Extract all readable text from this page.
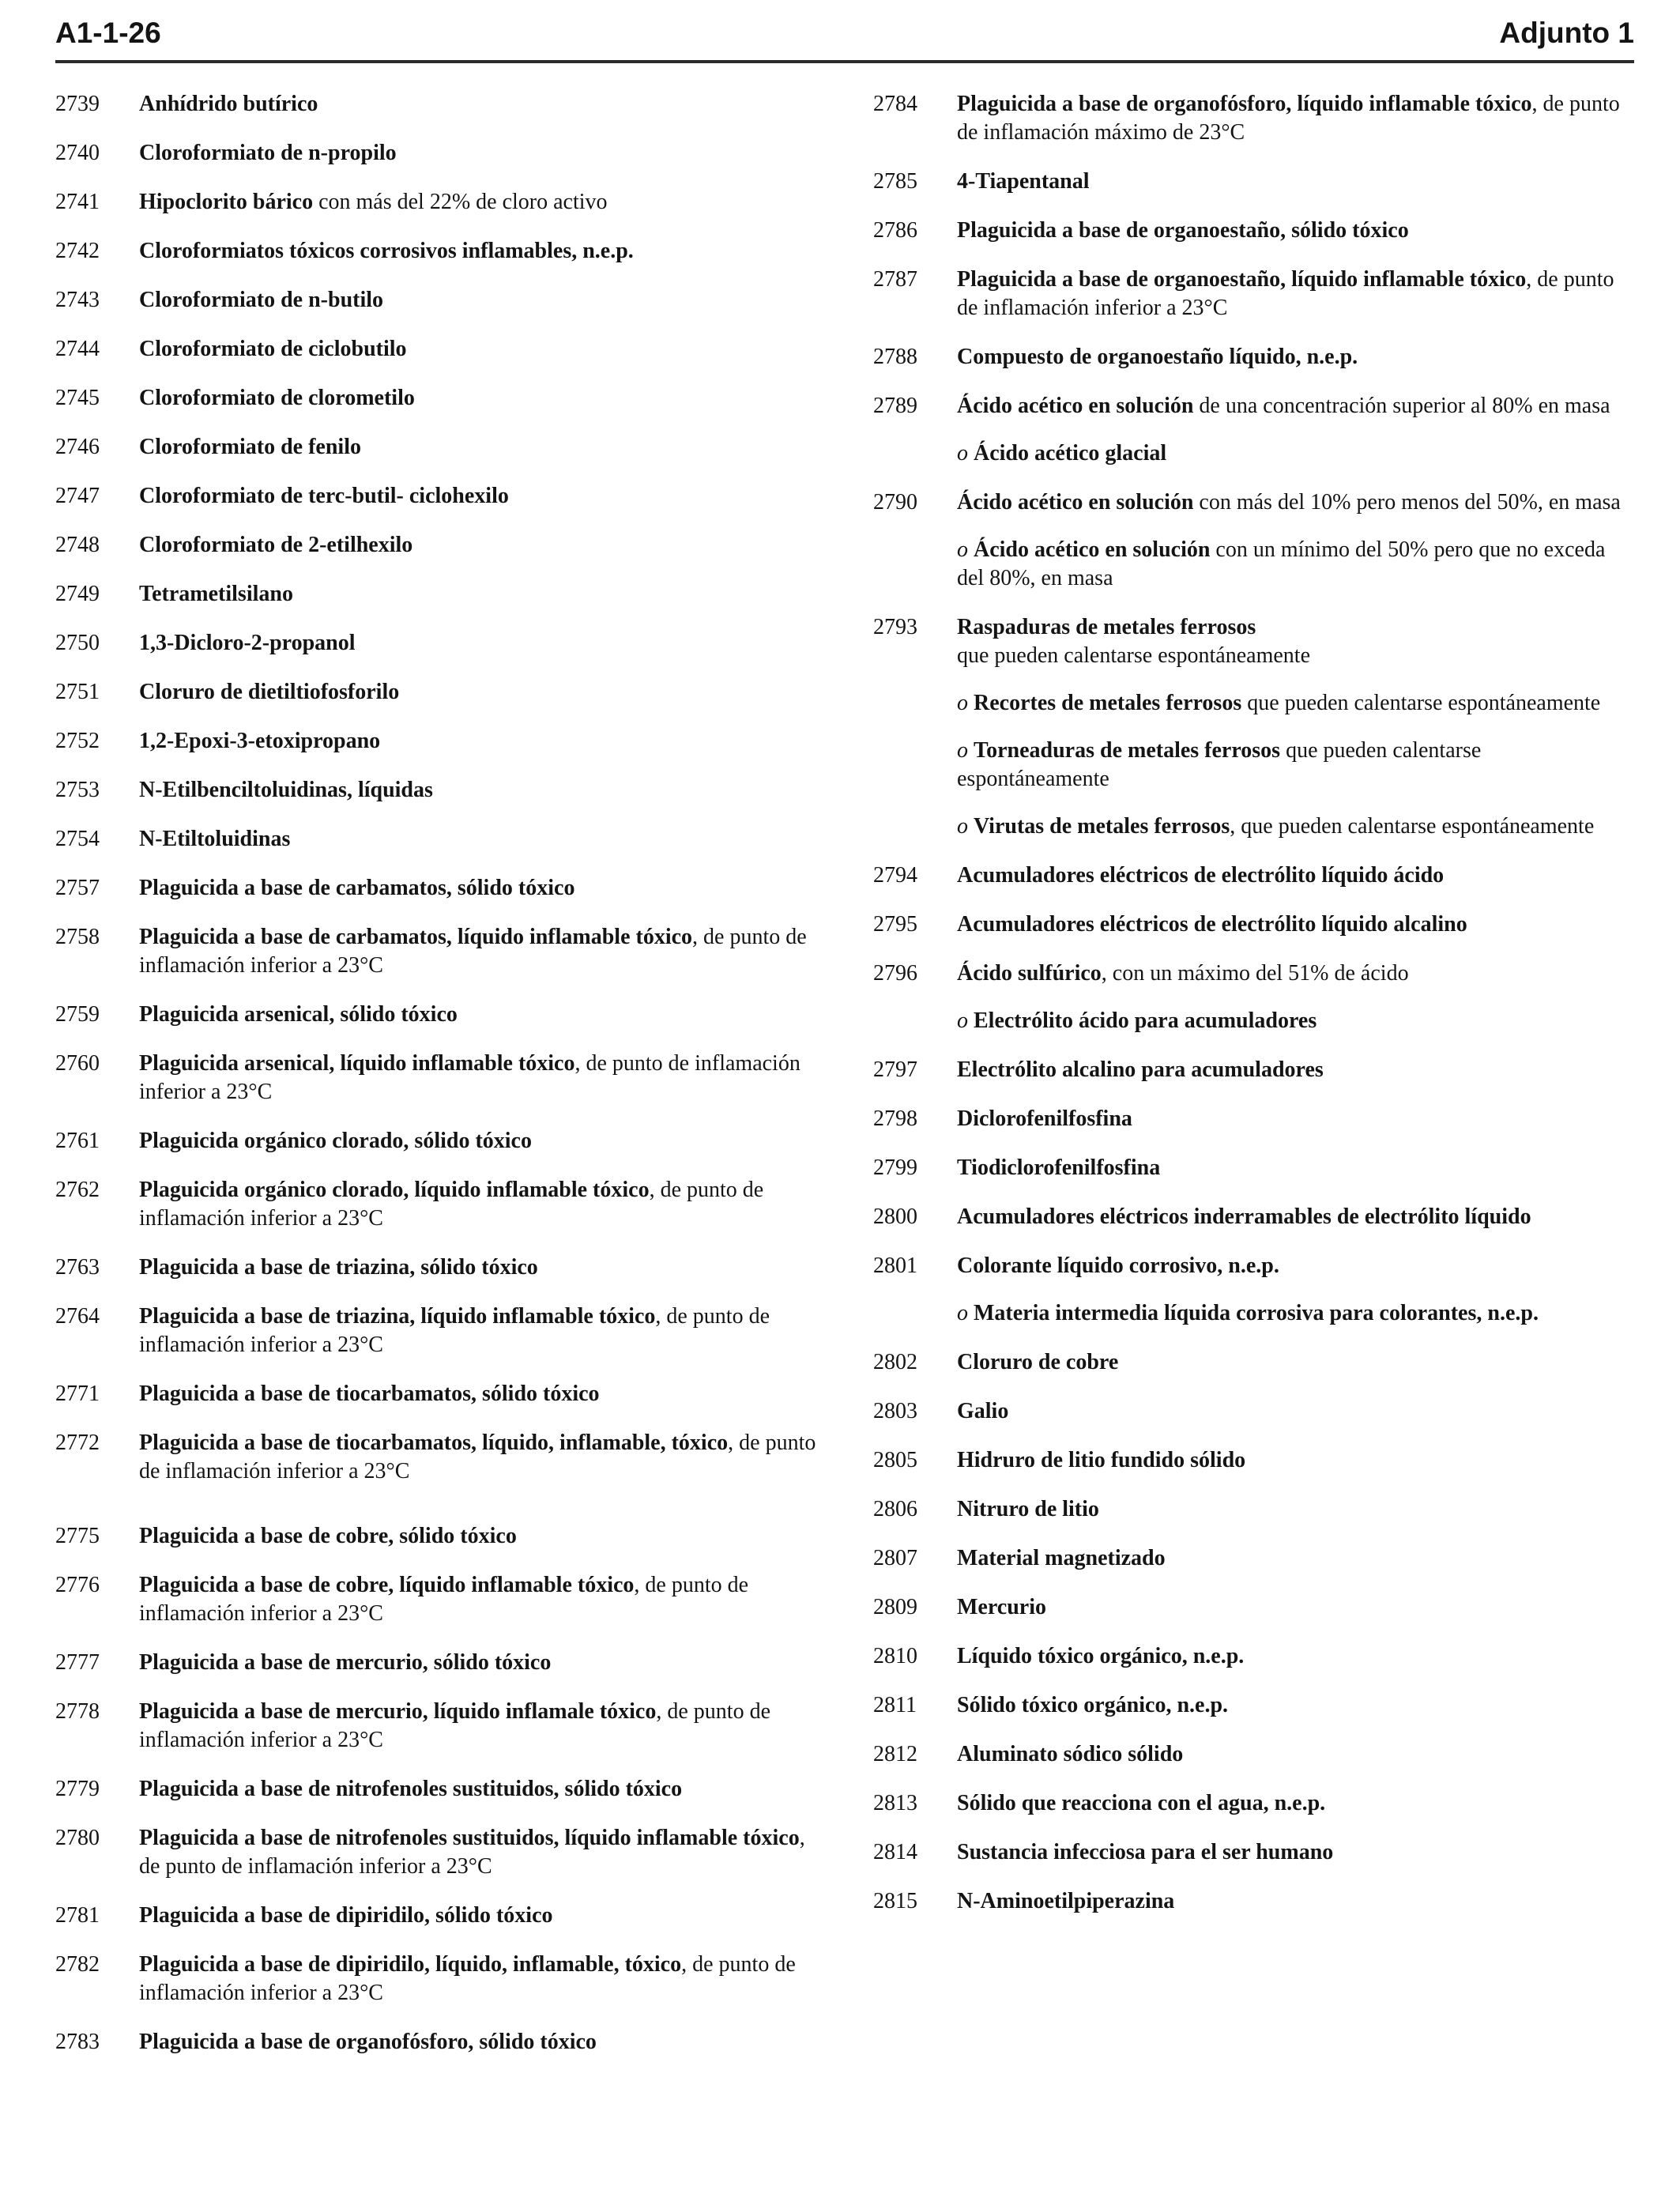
A1-1-26	Adjunto 1
2739	Anhídrido butírico

2740	Cloroformiato de n-propilo

2741	Hipoclorito bárico con más del 22% de cloro activo

2742	Cloroformiatos tóxicos corrosivos inflamables, n.e.p.

2743	Cloroformiato de n-butilo

2744	Cloroformiato de ciclobutilo

2745	Cloroformiato de clorometilo

2746	Cloroformiato de fenilo

2747	Cloroformiato de terc-butil- ciclohexilo

2748	Cloroformiato de 2-etilhexilo

2749	Tetrametilsilano

2750	1,3-Dicloro-2-propanol

2751	Cloruro de dietiltiofosforilo

2752	1,2-Epoxi-3-etoxipropano

2753	N-Etilbenciltoluidinas, líquidas

2754	N-Etiltoluidinas

2757	Plaguicida a base de carbamatos, sólido tóxico

2758	Plaguicida a base de carbamatos, líquido inflamable tóxico, de punto de inflamación inferior a 23°C

2759	Plaguicida arsenical, sólido tóxico

2760	Plaguicida arsenical, líquido inflamable tóxico, de punto de inflamación inferior a 23°C

2761	Plaguicida orgánico clorado, sólido tóxico

2762	Plaguicida orgánico clorado, líquido inflamable tóxico, de punto de inflamación inferior a 23°C

2763	Plaguicida a base de triazina, sólido tóxico

2764	Plaguicida a base de triazina, líquido inflamable tóxico, de punto de inflamación inferior a 23°C

2771	Plaguicida a base de tiocarbamatos, sólido tóxico

2772	Plaguicida a base de tiocarbamatos, líquido, inflamable, tóxico, de punto de inflamación inferior a 23°C

2775	Plaguicida a base de cobre, sólido tóxico

2776	Plaguicida a base de cobre, líquido inflamable tóxico, de punto de inflamación inferior a 23°C

2777	Plaguicida a base de mercurio, sólido tóxico

2778	Plaguicida a base de mercurio, líquido inflamale tóxico, de punto de inflamación inferior a 23°C

2779	Plaguicida a base de nitrofenoles sustituidos, sólido tóxico

2780	Plaguicida a base de nitrofenoles sustituidos, líquido inflamable tóxico, de punto de inflamación inferior a 23°C

2781	Plaguicida a base de dipiridilo, sólido tóxico

2782	Plaguicida a base de dipiridilo, líquido, inflamable, tóxico, de punto de inflamación inferior a 23°C

2783	Plaguicida a base de organofósforo, sólido tóxico

2784	Plaguicida a base de organofósforo, líquido inflamable tóxico, de punto de inflamación máximo de 23°C

2785	4-Tiapentanal

2786	Plaguicida a base de organoestaño, sólido tóxico

2787	Plaguicida a base de organoestaño, líquido inflamable tóxico, de punto de inflamación inferior a 23°C

2788	Compuesto de organoestaño líquido, n.e.p.

2789	Ácido acético en solución de una concentración superior al 80% en masa

o Ácido acético glacial

2790	Ácido acético en solución con más del 10% pero menos del 50%, en masa

o Ácido acético en solución con un mínimo del 50% pero que no exceda del 80%, en masa

2793	Raspaduras de metales ferrosos
que pueden calentarse espontáneamente

o Recortes de metales ferrosos que pueden calentarse espontáneamente

o Torneaduras de metales ferrosos que pueden calentarse espontáneamente

o Virutas de metales ferrosos, que pueden calentarse espontáneamente

2794	Acumuladores eléctricos de electrólito líquido ácido

2795	Acumuladores eléctricos de electrólito líquido alcalino

2796	Ácido sulfúrico, con un máximo del 51% de ácido

o Electrólito ácido para acumuladores

2797	Electrólito alcalino para acumuladores

2798	Diclorofenilfosfina

2799	Tiodiclorofenilfosfina

2800	Acumuladores eléctricos inderramables de electrólito líquido

2801	Colorante líquido corrosivo, n.e.p.

o Materia intermedia líquida corrosiva para colorantes, n.e.p.

2802	Cloruro de cobre

2803	Galio

2805	Hidruro de litio fundido sólido

2806	Nitruro de litio

2807	Material magnetizado

2809	Mercurio

2810	Líquido tóxico orgánico, n.e.p.

2811	Sólido tóxico orgánico, n.e.p.

2812	Aluminato sódico sólido

2813	Sólido que reacciona con el agua, n.e.p.

2814	Sustancia infecciosa para el ser humano

2815	N-Aminoetilpiperazina
